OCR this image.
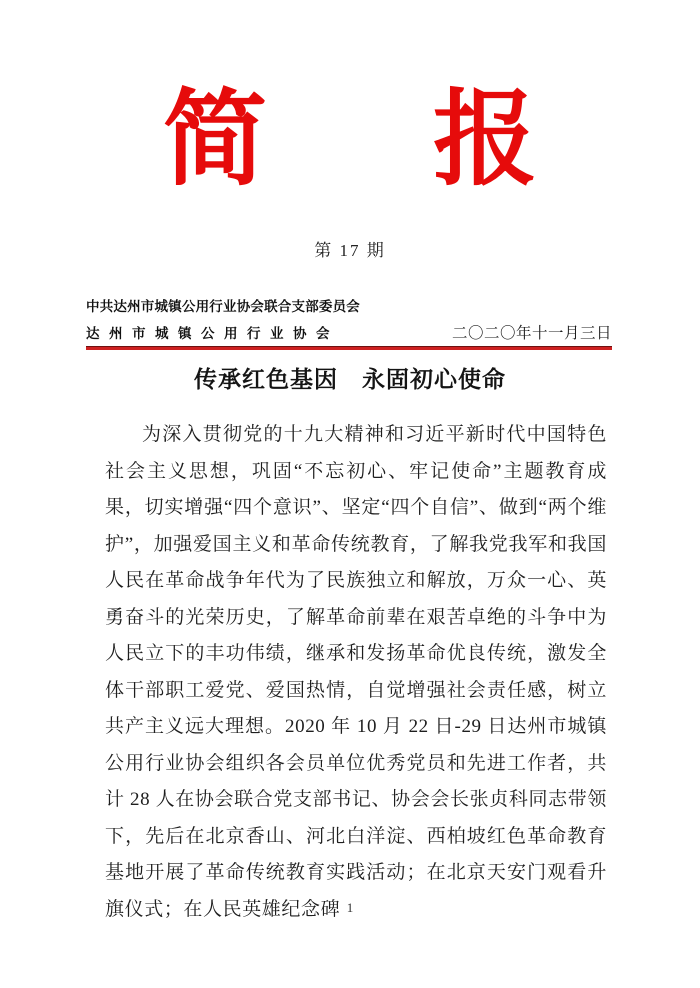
简 报
第 17 期
中共达州市城镇公用行业协会联合支部委员会
达州市城镇公用行业协会	二〇二〇年十一月三日
传承红色基因　永固初心使命

为深入贯彻党的十九大精神和习近平新时代中国特色社会主义思想，巩固“不忘初心、牢记使命”主题教育成果，切实增强“四个意识”、坚定“四个自信”、做到“两个维护”，加强爱国主义和革命传统教育，了解我党我军和我国人民在革命战争年代为了民族独立和解放，万众一心、英勇奋斗的光荣历史，了解革命前辈在艰苦卓绝的斗争中为人民立下的丰功伟绩，继承和发扬革命优良传统，激发全体干部职工爱党、爱国热情，自觉增强社会责任感，树立共产主义远大理想。2020 年 10 月 22 日-29 日达州市城镇公用行业协会组织各会员单位优秀党员和先进工作者，共计 28 人在协会联合党支部书记、协会会长张贞科同志带领下，先后在北京香山、河北白洋淀、西柏坡红色革命教育基地开展了革命传统教育实践活动；在北京天安门观看升旗仪式；在人民英雄纪念碑 1
